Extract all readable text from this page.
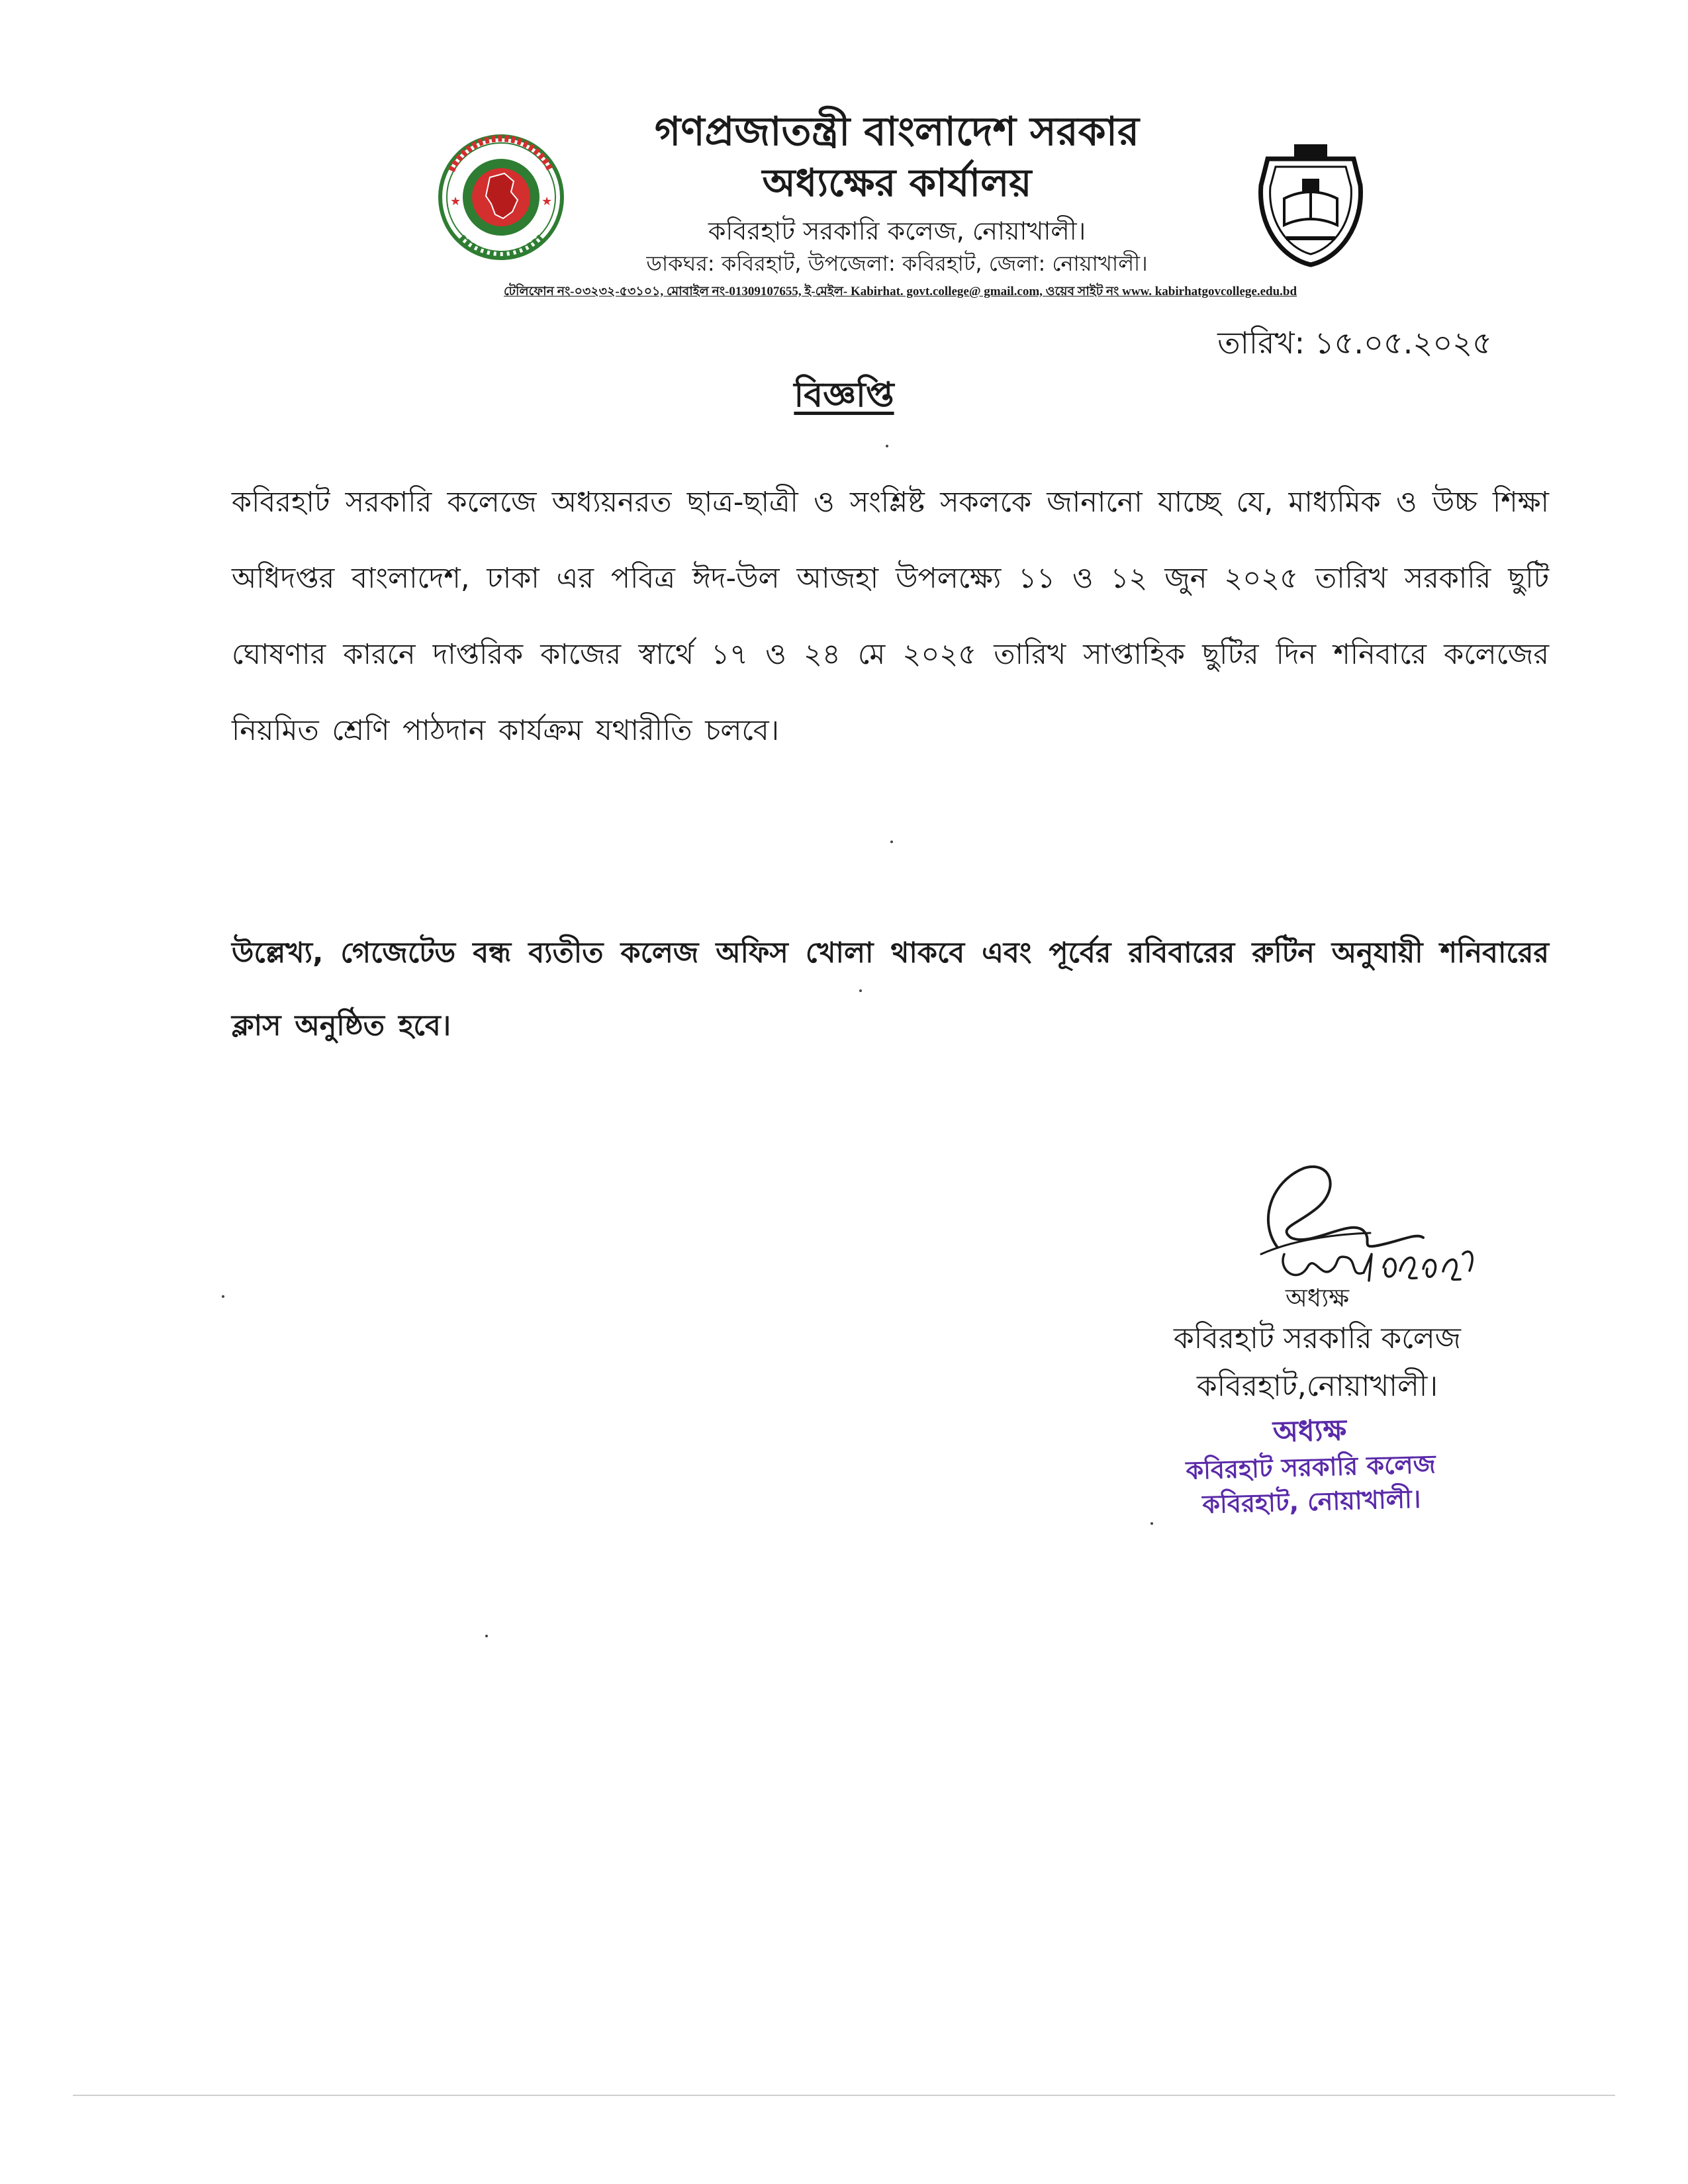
★	★
গণপ্রজাতন্ত্রী বাংলাদেশ সরকার
অধ্যক্ষের কার্যালয়
কবিরহাট সরকারি কলেজ, নোয়াখালী।
ডাকঘর: কবিরহাট, উপজেলা: কবিরহাট, জেলা: নোয়াখালী।
টেলিফোন নং-০৩২৩২-৫৩১০১, মোবাইল নং-01309107655, ই-মেইল- Kabirhat. govt.college@ gmail.com, ওয়েব সাইট নং www. kabirhatgovcollege.edu.bd
তারিখ: ১৫.০৫.২০২৫
বিজ্ঞপ্তি
কবিরহাট সরকারি কলেজে অধ্যয়নরত ছাত্র-ছাত্রী ও সংশ্লিষ্ট সকলকে জানানো যাচ্ছে যে, মাধ্যমিক ও উচ্চ শিক্ষা অধিদপ্তর বাংলাদেশ, ঢাকা এর পবিত্র ঈদ-উল আজহা উপলক্ষ্যে ১১ ও ১২ জুন ২০২৫ তারিখ সরকারি ছুটি ঘোষণার কারনে দাপ্তরিক কাজের স্বার্থে ১৭ ও ২৪ মে ২০২৫ তারিখ সাপ্তাহিক ছুটির দিন শনিবারে কলেজের নিয়মিত শ্রেণি পাঠদান কার্যক্রম যথারীতি চলবে।
উল্লেখ্য, গেজেটেড বন্ধ ব্যতীত কলেজ অফিস খোলা থাকবে এবং পূর্বের রবিবারের রুটিন অনুযায়ী শনিবারের ক্লাস অনুষ্ঠিত হবে।
অধ্যক্ষ
কবিরহাট সরকারি কলেজ
কবিরহাট,নোয়াখালী।
অধ্যক্ষ
কবিরহাট সরকারি কলেজ
কবিরহাট, নোয়াখালী।
